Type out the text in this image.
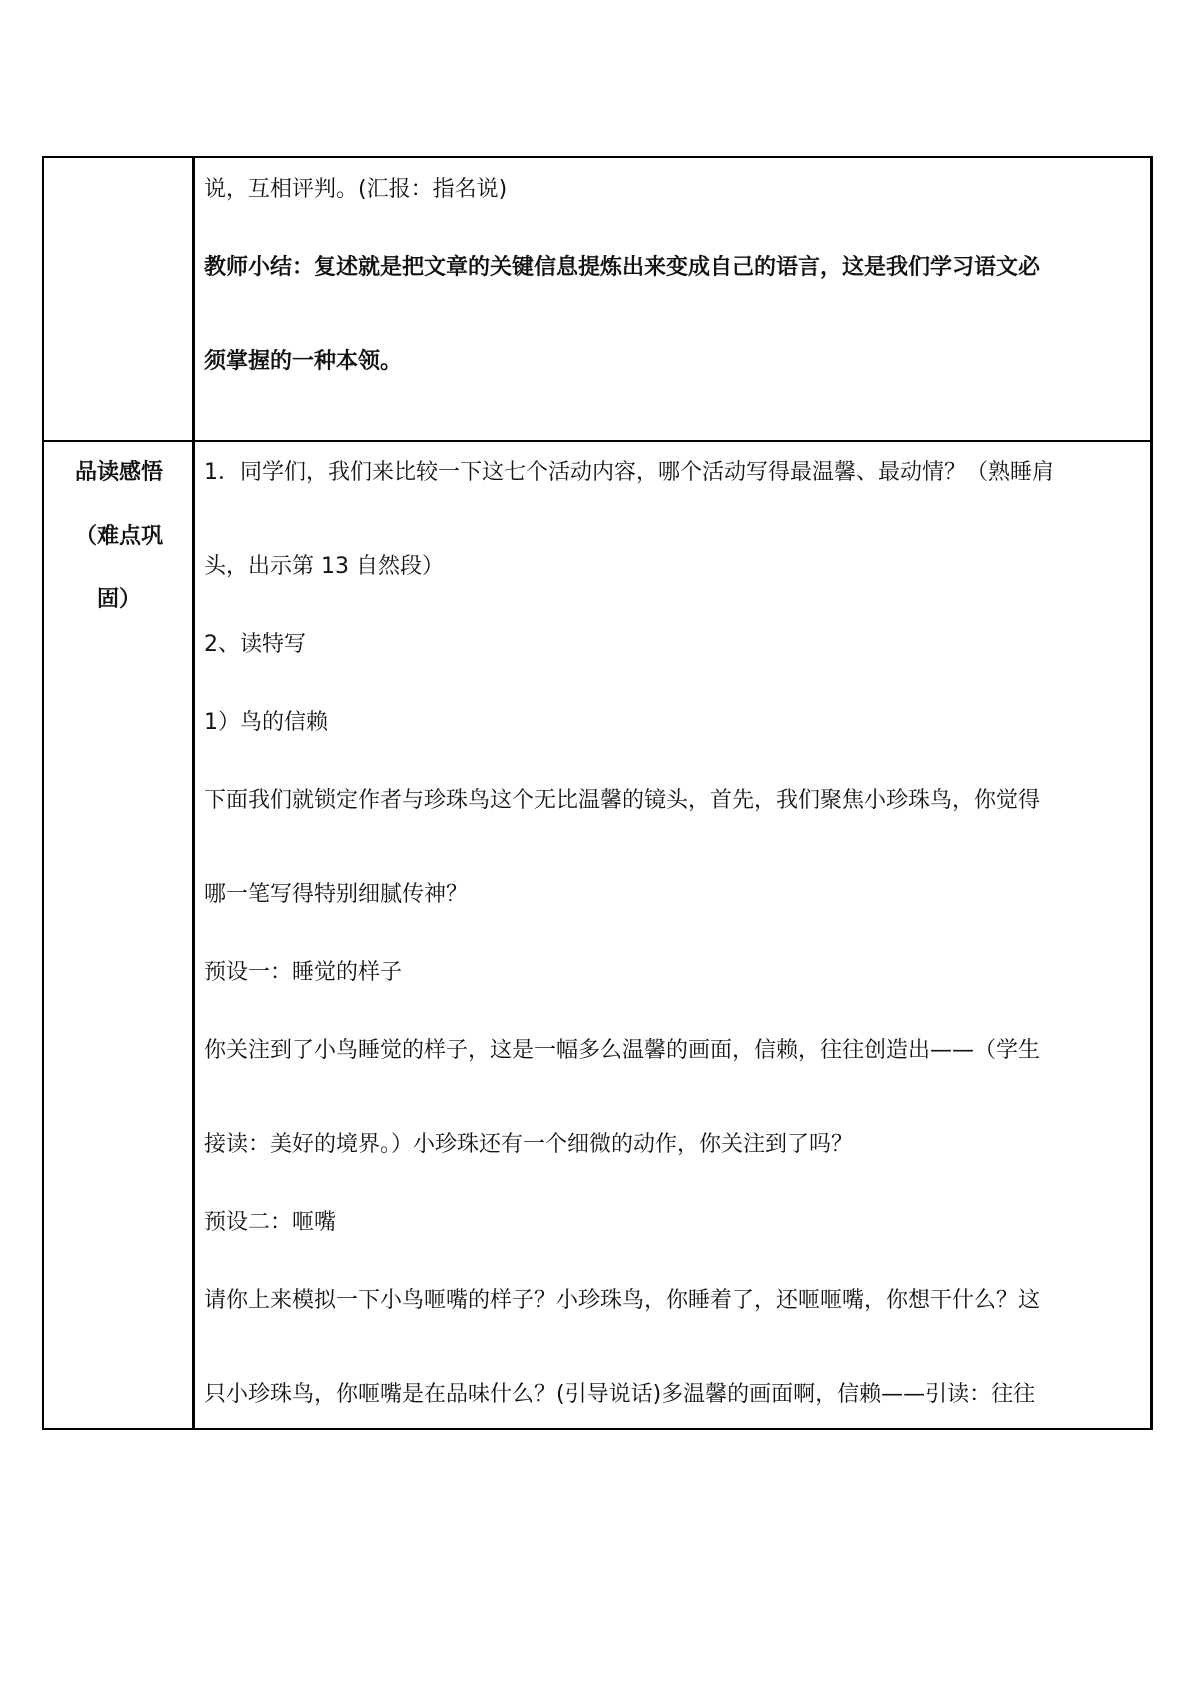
说，互相评判。(汇报：指名说)
教师小结：复述就是把文章的关键信息提炼出来变成自己的语言，这是我们学习语文必
须掌握的一种本领。
品读感悟
（难点巩
固）
1．同学们，我们来比较一下这七个活动内容，哪个活动写得最温馨、最动情？（熟睡肩
头，出示第 13 自然段）
2、读特写
1）鸟的信赖
下面我们就锁定作者与珍珠鸟这个无比温馨的镜头，首先，我们聚焦小珍珠鸟，你觉得
哪一笔写得特别细腻传神？
预设一：睡觉的样子
你关注到了小鸟睡觉的样子，这是一幅多么温馨的画面，信赖，往往创造出——（学生
接读：美好的境界。）小珍珠还有一个细微的动作，你关注到了吗？
预设二：咂嘴
请你上来模拟一下小鸟咂嘴的样子？小珍珠鸟，你睡着了，还咂咂嘴，你想干什么？这
只小珍珠鸟，你咂嘴是在品味什么？(引导说话)多温馨的画面啊，信赖——引读：往往
